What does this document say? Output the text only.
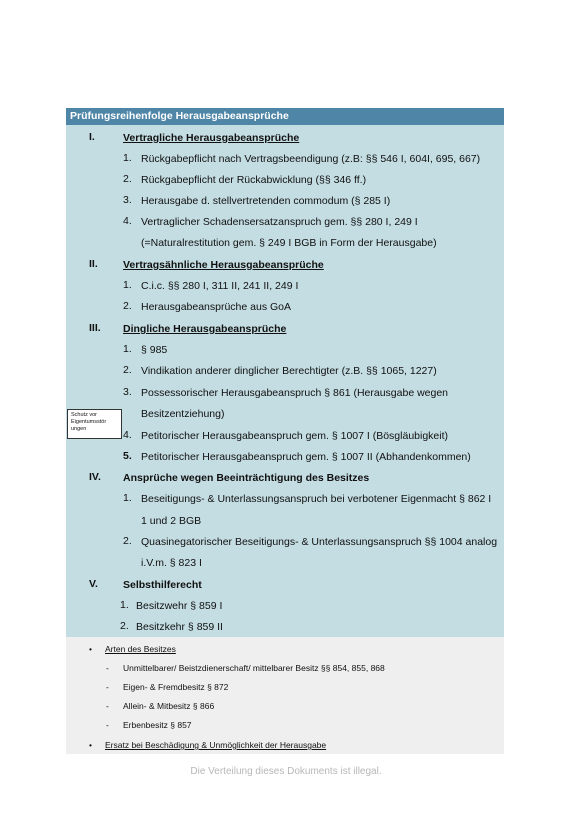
Prüfungsreihenfolge Herausgabeansprüche
I.	Vertragliche Herausgabeansprüche
1. Rückgabepflicht nach Vertragsbeendigung (z.B: §§ 546 I, 604I, 695, 667)
2. Rückgabepflicht der Rückabwicklung (§§ 346 ff.)
3. Herausgabe d. stellvertretenden commodum (§ 285 I)
4. Vertraglicher Schadensersatzanspruch gem. §§ 280 I, 249 I
(=Naturalrestitution gem. § 249 I BGB in Form der Herausgabe)
II. Vertragsähnliche Herausgabeansprüche
1. C.i.c. §§ 280 I, 311 II, 241 II, 249 I
2. Herausgabeansprüche aus GoA
III. Dingliche Herausgabeansprüche
1. § 985
2. Vindikation anderer dinglicher Berechtigter (z.B. §§ 1065, 1227)
3. Possessorischer Herausgabeanspruch § 861 (Herausgabe wegen
Besitzentziehung)
4. Petitorischer Herausgabeanspruch gem. § 1007 I (Bösgläubigkeit)
5. Petitorischer Herausgabeanspruch gem. § 1007 II (Abhandenkommen)
Schutz vor Eigentumsstör ungen
IV. Ansprüche wegen Beeinträchtigung des Besitzes
1. Beseitigungs- & Unterlassungsanspruch bei verbotener Eigenmacht § 862 I
1 und 2 BGB
2. Quasinegatorischer Beseitigungs- & Unterlassungsanspruch §§ 1004 analog
i.V.m. § 823 I
V. Selbsthilferecht
1. Besitzwehr § 859 I
2. Besitzkehr § 859 II
• Arten des Besitzes
- Unmittelbarer/ Beistzdienerschaft/ mittelbarer Besitz §§ 854, 855, 868
- Eigen- & Fremdbesitz § 872
- Allein- & Mitbesitz § 866
- Erbenbesitz § 857
• Ersatz bei Beschädigung & Unmöglichkeit der Herausgabe
Die Verteilung dieses Dokuments ist illegal.
